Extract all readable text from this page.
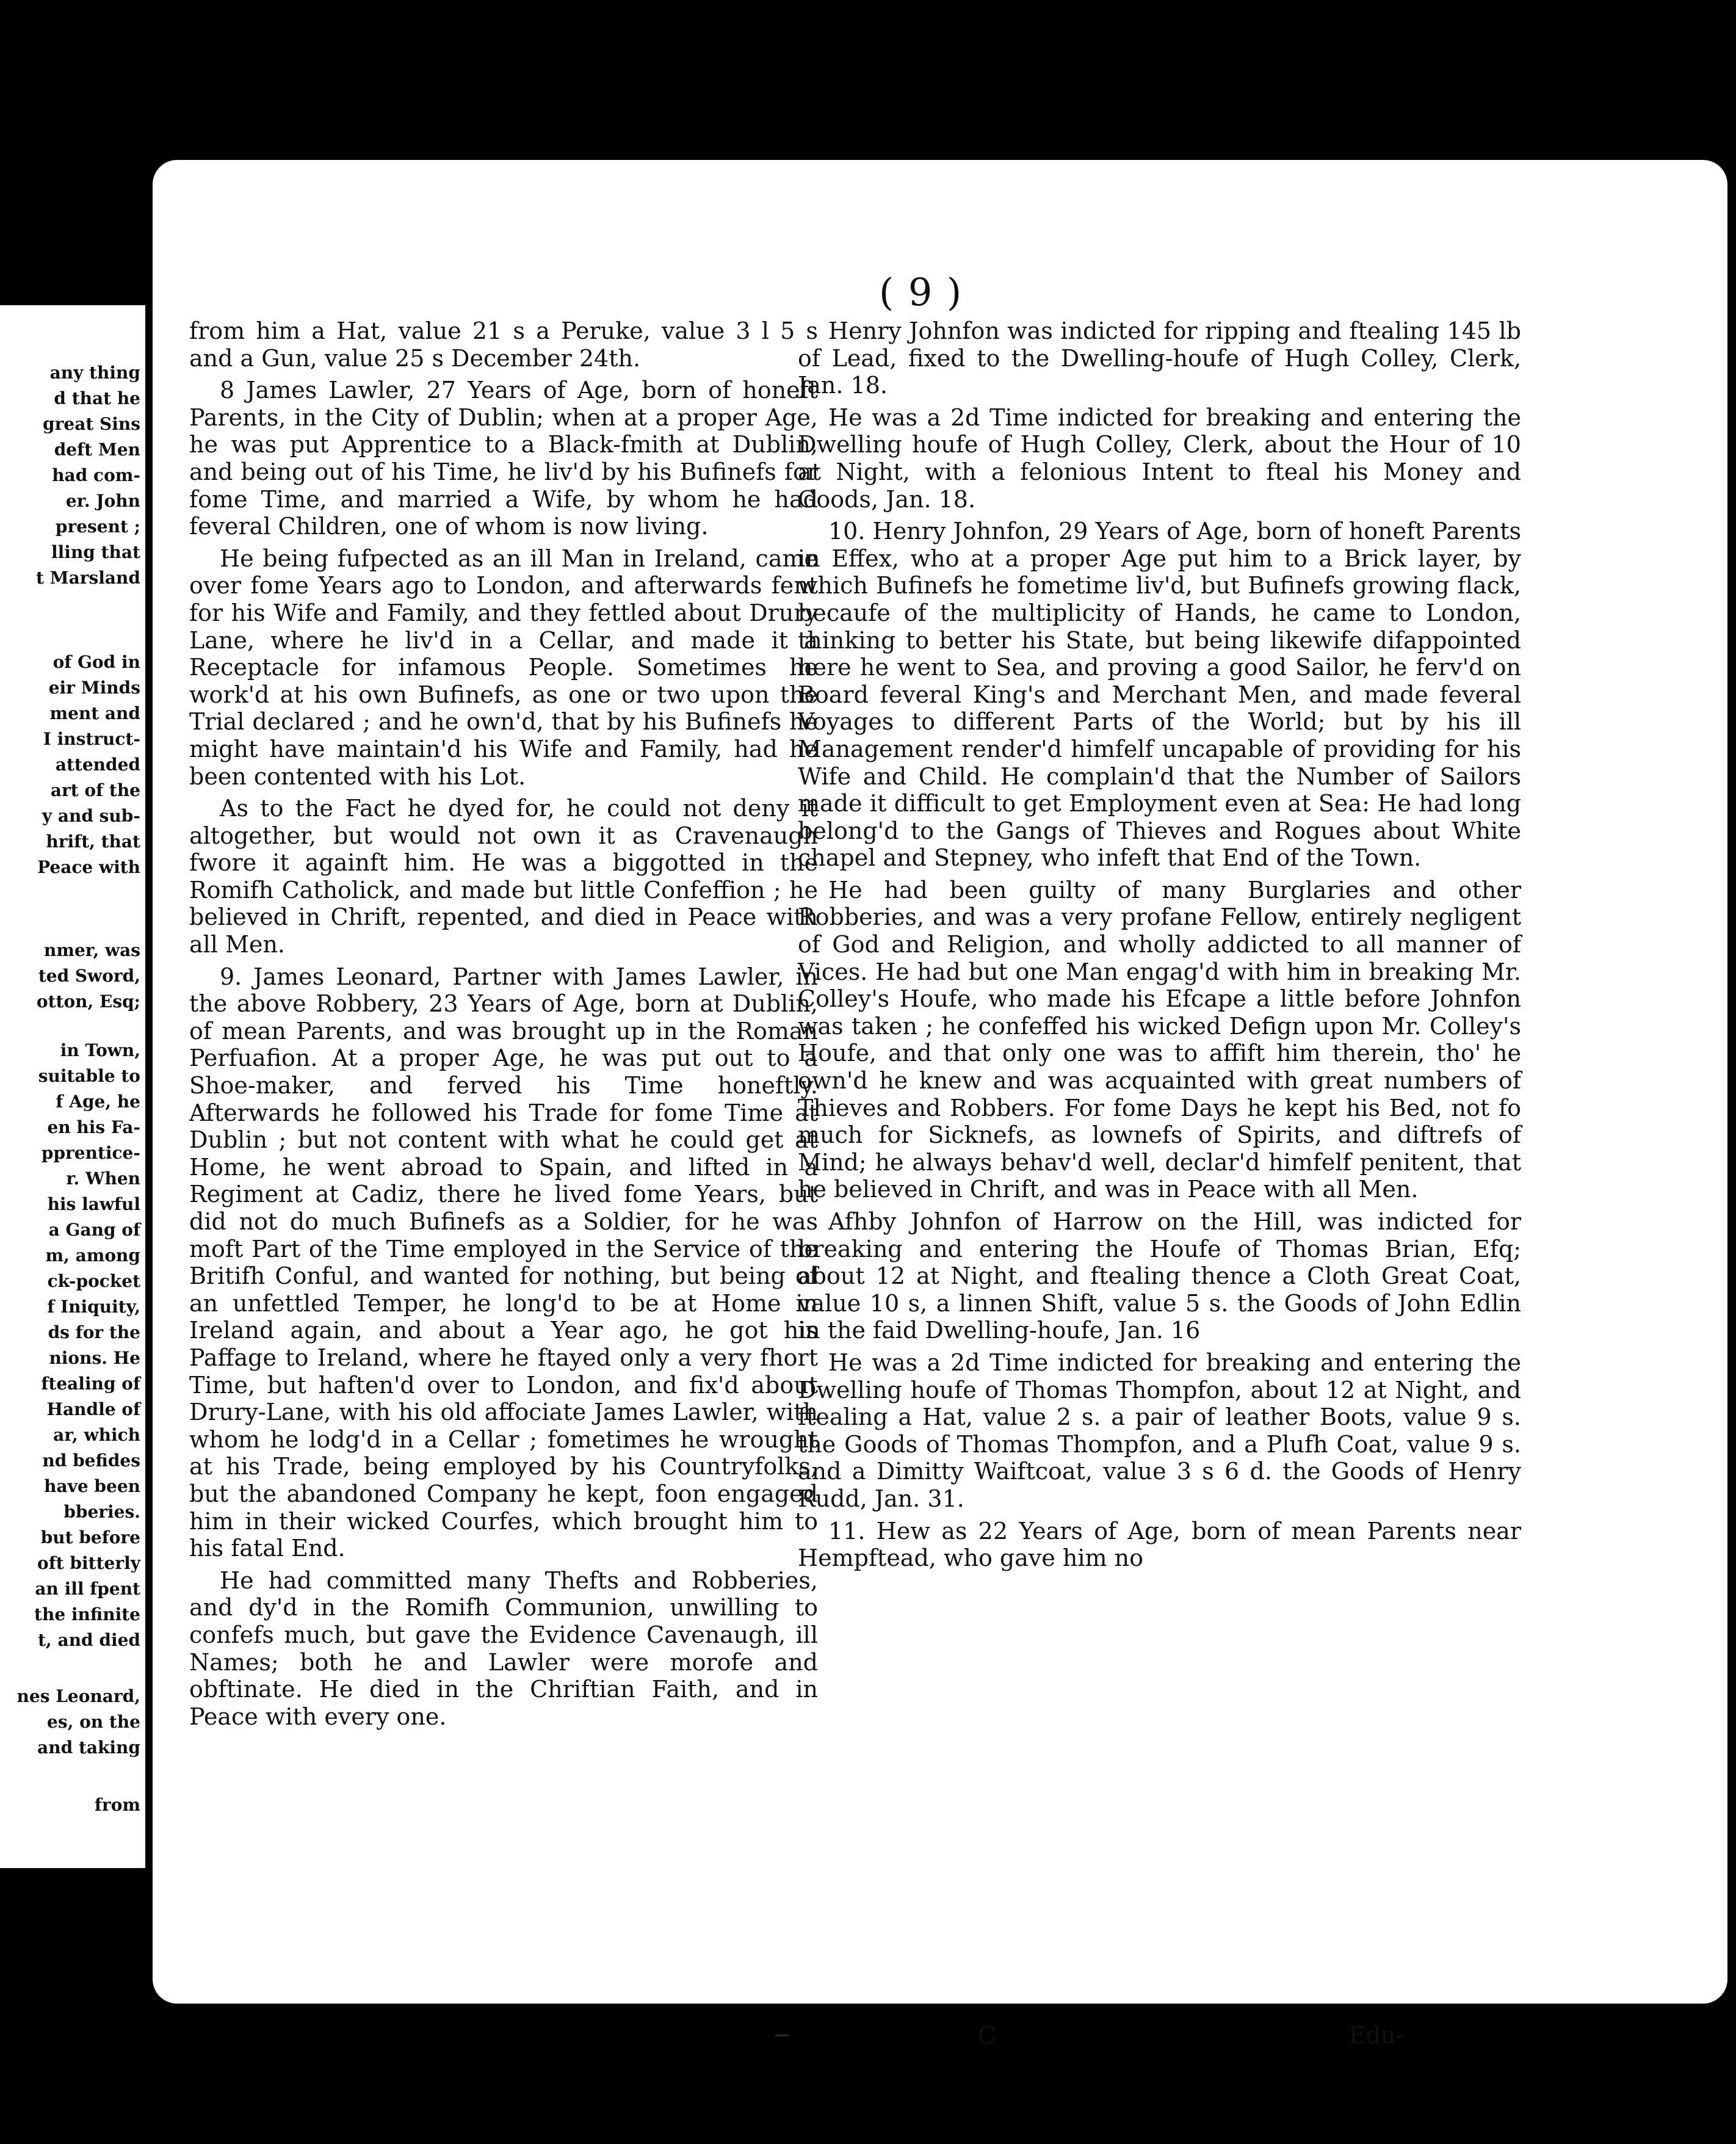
any thing
d that he
great Sins
deft Men
had com-
er. John
present ;
lling that
t Marsland
of God in
eir Minds
ment and
I instruct-
attended
art of the
y and sub-
hrift, that
Peace with
nmer, was
ted Sword,
otton, Esq;
in Town,
suitable to
f Age, he
en his Fa-
pprentice-
r. When
his lawful
a Gang of
m, among
ck-pocket
f Iniquity,
ds for the
nions. He
ftealing of
Handle of
ar, which
nd befides
have been
bberies.
but before
oft bitterly
an ill fpent
the infinite
t, and died
nes Leonard,
es, on the
and taking
from
( 9 )

from him a Hat, value 21 s a Peruke, value 3 l 5 s and a Gun, value 25 s December 24th.

8 James Lawler, 27 Years of Age, born of honeft Parents, in the City of Dublin; when at a proper Age, he was put Apprentice to a Black-fmith at Dublin, and being out of his Time, he liv'd by his Bufinefs for fome Time, and married a Wife, by whom he had feveral Children, one of whom is now living.

He being fufpected as an ill Man in Ireland, came over fome Years ago to London, and afterwards fent for his Wife and Family, and they fettled about Drury Lane, where he liv'd in a Cellar, and made it a Receptacle for infamous People. Sometimes he work'd at his own Bufinefs, as one or two upon the Trial declared ; and he own'd, that by his Bufinefs he might have maintain'd his Wife and Family, had he been contented with his Lot.

As to the Fact he dyed for, he could not deny it altogether, but would not own it as Cravenaugh fwore it againft him. He was a biggotted in the Romifh Catholick, and made but little Confeffion ; he believed in Chrift, repented, and died in Peace with all Men.

9. James Leonard, Partner with James Lawler, in the above Robbery, 23 Years of Age, born at Dublin, of mean Parents, and was brought up in the Roman Perfuafion. At a proper Age, he was put out to a Shoe-maker, and ferved his Time honeftly. Afterwards he followed his Trade for fome Time at Dublin ; but not content with what he could get at Home, he went abroad to Spain, and lifted in a Regiment at Cadiz, there he lived fome Years, but did not do much Bufinefs as a Soldier, for he was moft Part of the Time employed in the Service of the Britifh Conful, and wanted for nothing, but being of an unfettled Temper, he long'd to be at Home in Ireland again, and about a Year ago, he got his Paffage to Ireland, where he ftayed only a very fhort Time, but haften'd over to London, and fix'd about Drury-Lane, with his old affociate James Lawler, with whom he lodg'd in a Cellar ; fometimes he wrought at his Trade, being employed by his Countryfolks, but the abandoned Company he kept, foon engaged him in their wicked Courfes, which brought him to his fatal End.

He had committed many Thefts and Robberies, and dy'd in the Romifh Communion, unwilling to confefs much, but gave the Evidence Cavenaugh, ill Names; both he and Lawler were morofe and obftinate. He died in the Chriftian Faith, and in Peace with every one.

Henry Johnfon was indicted for ripping and ftealing 145 lb of Lead, fixed to the Dwelling-houfe of Hugh Colley, Clerk, Jan. 18.

He was a 2d Time indicted for breaking and entering the Dwelling houfe of Hugh Colley, Clerk, about the Hour of 10 at Night, with a felonious Intent to fteal his Money and Goods, Jan. 18.

10. Henry Johnfon, 29 Years of Age, born of honeft Parents in Effex, who at a proper Age put him to a Brick layer, by which Bufinefs he fometime liv'd, but Bufinefs growing flack, becaufe of the multiplicity of Hands, he came to London, thinking to better his State, but being likewife difappointed here he went to Sea, and proving a good Sailor, he ferv'd on Board feveral King's and Merchant Men, and made feveral Voyages to different Parts of the World; but by his ill Management render'd himfelf uncapable of providing for his Wife and Child. He complain'd that the Number of Sailors made it difficult to get Employment even at Sea: He had long belong'd to the Gangs of Thieves and Rogues about White chapel and Stepney, who infeft that End of the Town.

He had been guilty of many Burglaries and other Robberies, and was a very profane Fellow, entirely negligent of God and Religion, and wholly addicted to all manner of Vices. He had but one Man engag'd with him in breaking Mr. Colley's Houfe, who made his Efcape a little before Johnfon was taken ; he confeffed his wicked Defign upon Mr. Colley's Houfe, and that only one was to affift him therein, tho' he own'd he knew and was acquainted with great numbers of Thieves and Robbers. For fome Days he kept his Bed, not fo much for Sicknefs, as lownefs of Spirits, and diftrefs of Mind; he always behav'd well, declar'd himfelf penitent, that he believed in Chrift, and was in Peace with all Men.

Afhby Johnfon of Harrow on the Hill, was indicted for breaking and entering the Houfe of Thomas Brian, Efq; about 12 at Night, and ftealing thence a Cloth Great Coat, value 10 s, a linnen Shift, value 5 s. the Goods of John Edlin in the faid Dwelling-houfe, Jan. 16

He was a 2d Time indicted for breaking and entering the Dwelling houfe of Thomas Thompfon, about 12 at Night, and ftealing a Hat, value 2 s. a pair of leather Boots, value 9 s. the Goods of Thomas Thompfon, and a Plufh Coat, value 9 s. and a Dimitty Waiftcoat, value 3 s 6 d. the Goods of Henry Rudd, Jan. 31.

11. Hew as 22 Years of Age, born of mean Parents near Hempftead, who gave him no

C	Edu-
